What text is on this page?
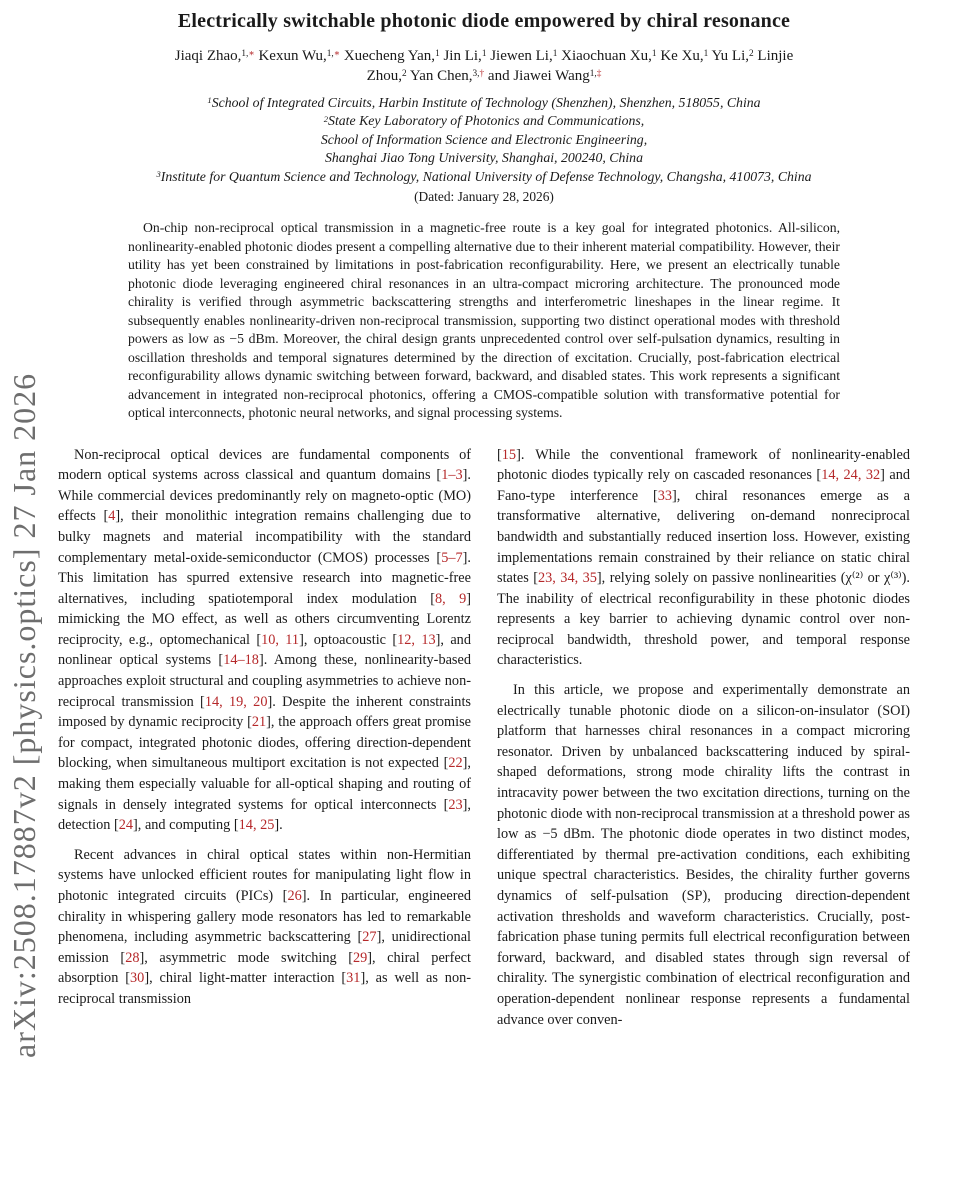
arXiv:2508.17887v2 [physics.optics] 27 Jan 2026
Electrically switchable photonic diode empowered by chiral resonance
Jiaqi Zhao,$^{1,∗}$ Kexun Wu,$^{1,∗}$ Xuecheng Yan,$^1$ Jin Li,$^1$ Jiewen Li,$^1$ Xiaochuan Xu,$^1$ Ke Xu,$^1$ Yu Li,$^2$ Linjie Zhou,$^2$ Yan Chen,$^{3,\dagger}$ and Jiawei Wang$^{1,\ddagger}$
$^1$School of Integrated Circuits, Harbin Institute of Technology (Shenzhen), Shenzhen, 518055, China
$^2$State Key Laboratory of Photonics and Communications,
School of Information Science and Electronic Engineering,
Shanghai Jiao Tong University, Shanghai, 200240, China
$^3$Institute for Quantum Science and Technology, National University of Defense Technology, Changsha, 410073, China
(Dated: January 28, 2026)
On-chip non-reciprocal optical transmission in a magnetic-free route is a key goal for integrated photonics. All-silicon, nonlinearity-enabled photonic diodes present a compelling alternative due to their inherent material compatibility. However, their utility has yet been constrained by limitations in post-fabrication reconfigurability. Here, we present an electrically tunable photonic diode leveraging engineered chiral resonances in an ultra-compact microring architecture. The pronounced mode chirality is verified through asymmetric backscattering strengths and interferometric lineshapes in the linear regime. It subsequently enables nonlinearity-driven non-reciprocal transmission, supporting two distinct operational modes with threshold powers as low as −5 dBm. Moreover, the chiral design grants unprecedented control over self-pulsation dynamics, resulting in oscillation thresholds and temporal signatures determined by the direction of excitation. Crucially, post-fabrication electrical reconfigurability allows dynamic switching between forward, backward, and disabled states. This work represents a significant advancement in integrated non-reciprocal photonics, offering a CMOS-compatible solution with transformative potential for optical interconnects, photonic neural networks, and signal processing systems.

Non-reciprocal optical devices are fundamental components of modern optical systems across classical and quantum domains [1–3]. While commercial devices predominantly rely on magneto-optic (MO) effects [4], their monolithic integration remains challenging due to bulky magnets and material incompatibility with the standard complementary metal-oxide-semiconductor (CMOS) processes [5–7]. This limitation has spurred extensive research into magnetic-free alternatives, including spatiotemporal index modulation [8, 9] mimicking the MO effect, as well as others circumventing Lorentz reciprocity, e.g., optomechanical [10, 11], optoacoustic [12, 13], and nonlinear optical systems [14–18]. Among these, nonlinearity-based approaches exploit structural and coupling asymmetries to achieve non-reciprocal transmission [14, 19, 20]. Despite the inherent constraints imposed by dynamic reciprocity [21], the approach offers great promise for compact, integrated photonic diodes, offering direction-dependent blocking, when simultaneous multiport excitation is not expected [22], making them especially valuable for all-optical shaping and routing of signals in densely integrated systems for optical interconnects [23], detection [24], and computing [14, 25].

Recent advances in chiral optical states within non-Hermitian systems have unlocked efficient routes for manipulating light flow in photonic integrated circuits (PICs) [26]. In particular, engineered chirality in whispering gallery mode resonators has led to remarkable phenomena, including asymmetric backscattering [27], unidirectional emission [28], asymmetric mode switching [29], chiral perfect absorption [30], chiral light-matter interaction [31], as well as non-reciprocal transmission

[15]. While the conventional framework of nonlinearity-enabled photonic diodes typically rely on cascaded resonances [14, 24, 32] and Fano-type interference [33], chiral resonances emerge as a transformative alternative, delivering on-demand nonreciprocal bandwidth and substantially reduced insertion loss. However, existing implementations remain constrained by their reliance on static chiral states [23, 34, 35], relying solely on passive nonlinearities (χ⁽²⁾ or χ⁽³⁾). The inability of electrical reconfigurability in these photonic diodes represents a key barrier to achieving dynamic control over non-reciprocal bandwidth, threshold power, and temporal response characteristics.

In this article, we propose and experimentally demonstrate an electrically tunable photonic diode on a silicon-on-insulator (SOI) platform that harnesses chiral resonances in a compact microring resonator. Driven by unbalanced backscattering induced by spiral-shaped deformations, strong mode chirality lifts the contrast in intracavity power between the two excitation directions, turning on the photonic diode with non-reciprocal transmission at a threshold power as low as −5 dBm. The photonic diode operates in two distinct modes, differentiated by thermal pre-activation conditions, each exhibiting unique spectral characteristics. Besides, the chirality further governs dynamics of self-pulsation (SP), producing direction-dependent activation thresholds and waveform characteristics. Crucially, post-fabrication phase tuning permits full electrical reconfiguration between forward, backward, and disabled states through sign reversal of chirality. The synergistic combination of electrical reconfiguration and operation-dependent nonlinear response represents a fundamental advance over conven-
